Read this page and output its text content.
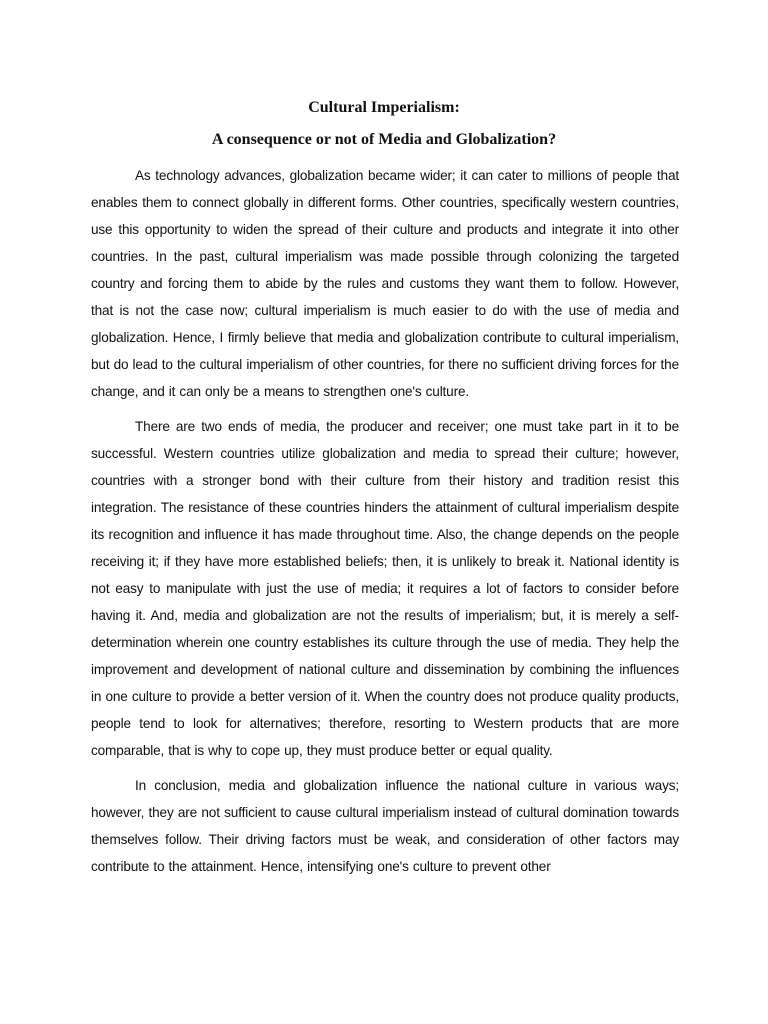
Cultural Imperialism:

A consequence or not of Media and Globalization?

As technology advances, globalization became wider; it can cater to millions of people that enables them to connect globally in different forms. Other countries, specifically western countries, use this opportunity to widen the spread of their culture and products and integrate it into other countries. In the past, cultural imperialism was made possible through colonizing the targeted country and forcing them to abide by the rules and customs they want them to follow. However, that is not the case now; cultural imperialism is much easier to do with the use of media and globalization. Hence, I firmly believe that media and globalization contribute to cultural imperialism, but do lead to the cultural imperialism of other countries, for there no sufficient driving forces for the change, and it can only be a means to strengthen one's culture.

There are two ends of media, the producer and receiver; one must take part in it to be successful. Western countries utilize globalization and media to spread their culture; however, countries with a stronger bond with their culture from their history and tradition resist this integration. The resistance of these countries hinders the attainment of cultural imperialism despite its recognition and influence it has made throughout time. Also, the change depends on the people receiving it; if they have more established beliefs; then, it is unlikely to break it. National identity is not easy to manipulate with just the use of media; it requires a lot of factors to consider before having it. And, media and globalization are not the results of imperialism; but, it is merely a self-determination wherein one country establishes its culture through the use of media. They help the improvement and development of national culture and dissemination by combining the influences in one culture to provide a better version of it. When the country does not produce quality products, people tend to look for alternatives; therefore, resorting to Western products that are more comparable, that is why to cope up, they must produce better or equal quality.

In conclusion, media and globalization influence the national culture in various ways; however, they are not sufficient to cause cultural imperialism instead of cultural domination towards themselves follow. Their driving factors must be weak, and consideration of other factors may contribute to the attainment. Hence, intensifying one's culture to prevent other
